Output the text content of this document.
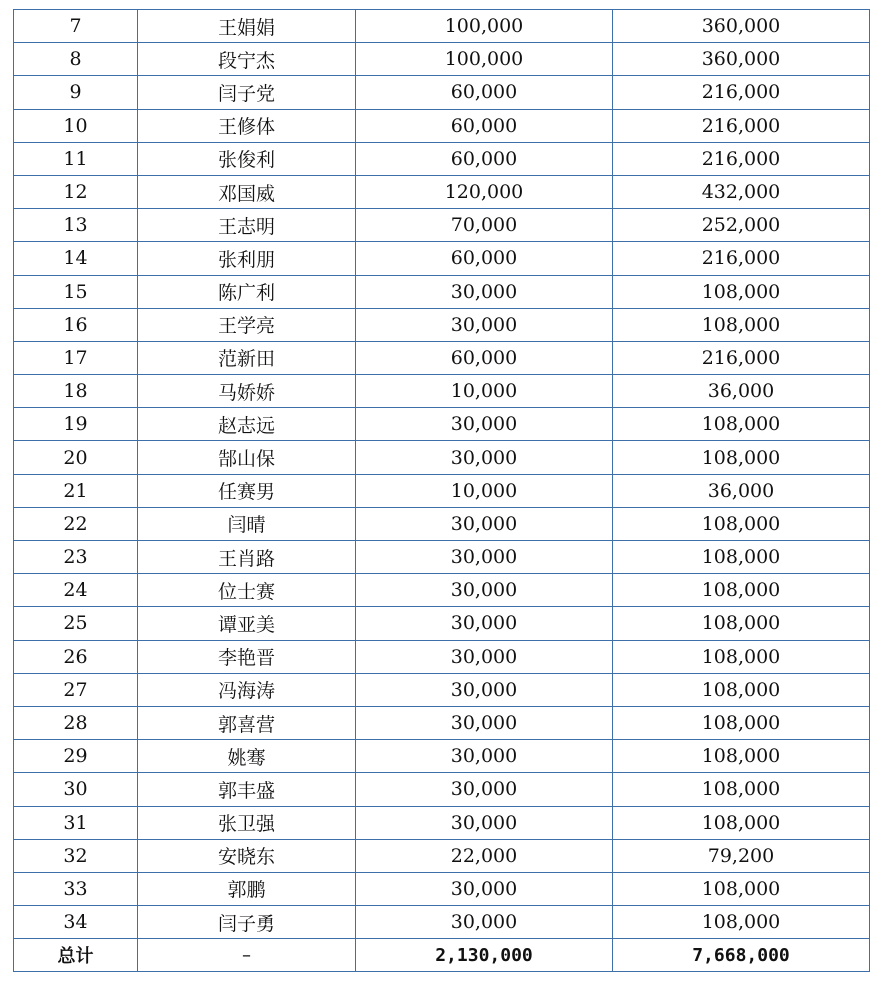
7	王娟娟	100,000	360,000
8	段宁杰	100,000	360,000
9	闫子党	60,000	216,000
10	王修体	60,000	216,000
11	张俊利	60,000	216,000
12	邓国威	120,000	432,000
13	王志明	70,000	252,000
14	张利朋	60,000	216,000
15	陈广利	30,000	108,000
16	王学亮	30,000	108,000
17	范新田	60,000	216,000
18	马娇娇	10,000	36,000
19	赵志远	30,000	108,000
20	郜山保	30,000	108,000
21	任赛男	10,000	36,000
22	闫晴	30,000	108,000
23	王肖路	30,000	108,000
24	位士赛	30,000	108,000
25	谭亚美	30,000	108,000
26	李艳晋	30,000	108,000
27	冯海涛	30,000	108,000
28	郭喜营	30,000	108,000
29	姚骞	30,000	108,000
30	郭丰盛	30,000	108,000
31	张卫强	30,000	108,000
32	安晓东	22,000	79,200
33	郭鹏	30,000	108,000
34	闫子勇	30,000	108,000
总计	–	2,130,000	7,668,000
